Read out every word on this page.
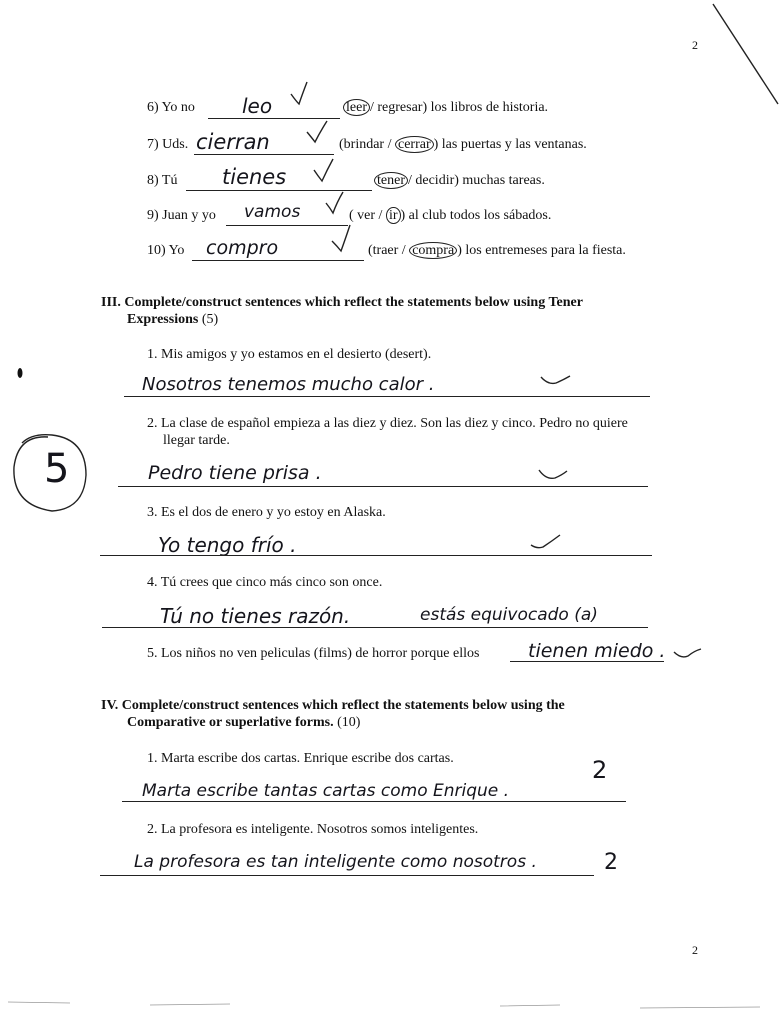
2
2
6) Yo no leo	leer / regresar) los libros de historia.
7) Uds. cierran	(brindar / cerrar ) las puertas y las ventanas.
8) Tú tienes	tener / decidir) muchas tareas.
9) Juan y yo vamos	( ver / ir ) al club todos los sábados.
10) Yo compro	(traer / compra ) los entremeses para la fiesta.
III. Complete/construct sentences which reflect the statements below using Tener
Expressions (5)
5
1. Mis amigos y yo estamos en el desierto (desert).
Nosotros tenemos mucho calor .
2. La clase de español empieza a las diez y diez. Son las diez y cinco. Pedro no quiere
llegar tarde.
Pedro tiene prisa .
3. Es el dos de enero y yo estoy en Alaska.
Yo tengo frío .
4. Tú crees que cinco más cinco son once.
Tú no tienes razón.	estás equivocado (a)
5. Los niños no ven peliculas (films) de horror porque ellos	tienen miedo .
IV. Complete/construct sentences which reflect the statements below using the
Comparative or superlative forms. (10)
1. Marta escribe dos cartas. Enrique escribe dos cartas.
Marta escribe tantas cartas como Enrique .
2
2. La profesora es inteligente. Nosotros somos inteligentes.
La profesora es tan inteligente como nosotros .	2
